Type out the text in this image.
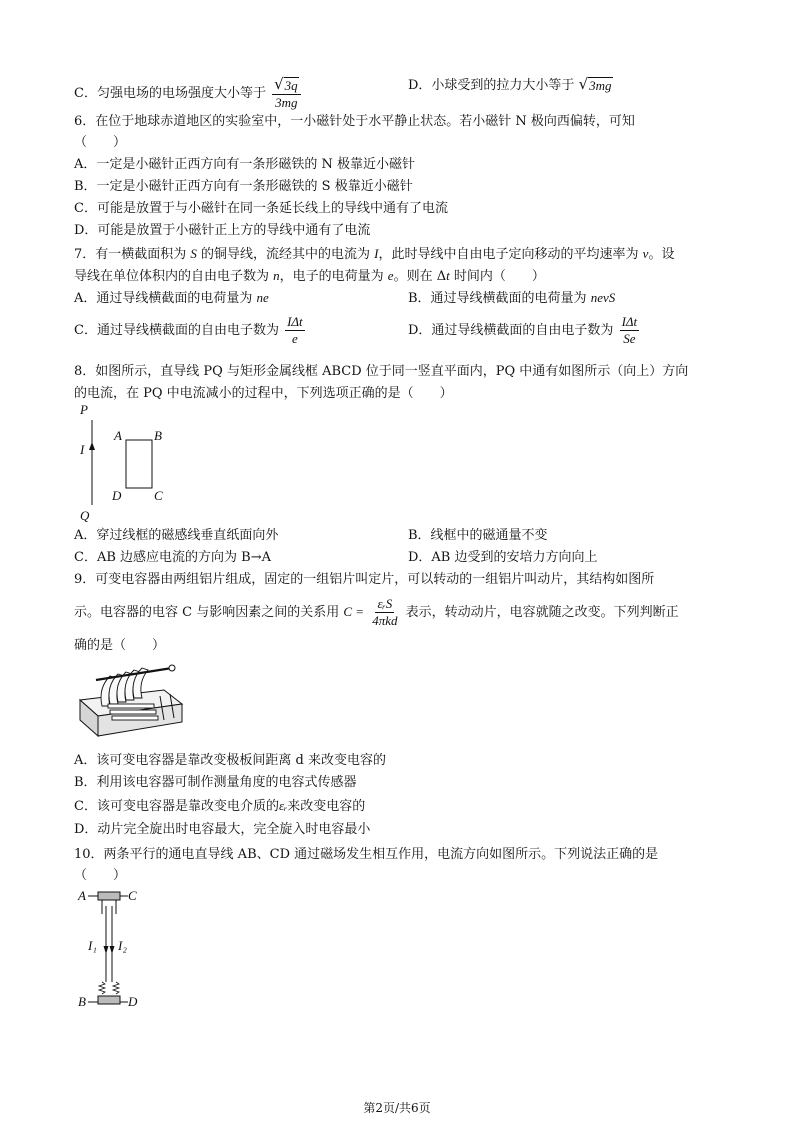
C．匀强电场的电场强度大小等于 $\frac{√ 3q}{3mg}$	D．小球受到的拉力大小等于 √ 3mg
6．在位于地球赤道地区的实验室中，一小磁针处于水平静止状态。若小磁针 N 极向西偏转，可知
（　　）
A．一定是小磁针正西方向有一条形磁铁的 N 极靠近小磁针
B．一定是小磁针正西方向有一条形磁铁的 S 极靠近小磁针
C．可能是放置于与小磁针在同一条延长线上的导线中通有了电流
D．可能是放置于小磁针正上方的导线中通有了电流
7．有一横截面积为 S 的铜导线，流经其中的电流为 I，此时导线中自由电子定向移动的平均速率为 v。设
导线在单位体积内的自由电子数为 n，电子的电荷量为 e。则在 Δt 时间内（　　）
A．通过导线横截面的电荷量为 ne	B．通过导线横截面的电荷量为 nevS
C．通过导线横截面的自由电子数为 $\frac{\text{IΔt}}{e}$	D．通过导线横截面的自由电子数为 $\frac{\text{IΔt}}{Se}$
8．如图所示，直导线 PQ 与矩形金属线框 ABCD 位于同一竖直平面内，PQ 中通有如图所示（向上）方向
的电流，在 PQ 中电流减小的过程中，下列选项正确的是（　　）
P
Q
I
A B
D	C
A．穿过线框的磁感线垂直纸面向外	B．线框中的磁通量不变
C．AB 边感应电流的方向为 B→A	D．AB 边受到的安培力方向向上
9．可变电容器由两组铝片组成，固定的一组铝片叫定片，可以转动的一组铝片叫动片，其结构如图所
示。电容器的电容 C 与影响因素之间的关系用 $C = \frac{\text{εᵣS}}{\text{4πkd}}$ 表示，转动动片，电容就随之改变。下列判断正
确的是（　　）
A．该可变电容器是靠改变极板间距离 d 来改变电容的
B．利用该电容器可制作测量角度的电容式传感器
C．该可变电容器是靠改变电介质的εᵣ来改变电容的
D．动片完全旋出时电容最大，完全旋入时电容最小
10．两条平行的通电直导线 AB、CD 通过磁场发生相互作用，电流方向如图所示。下列说法正确的是
（　　）
A	C
B	D
I₁ I₂
第2页/共6页
